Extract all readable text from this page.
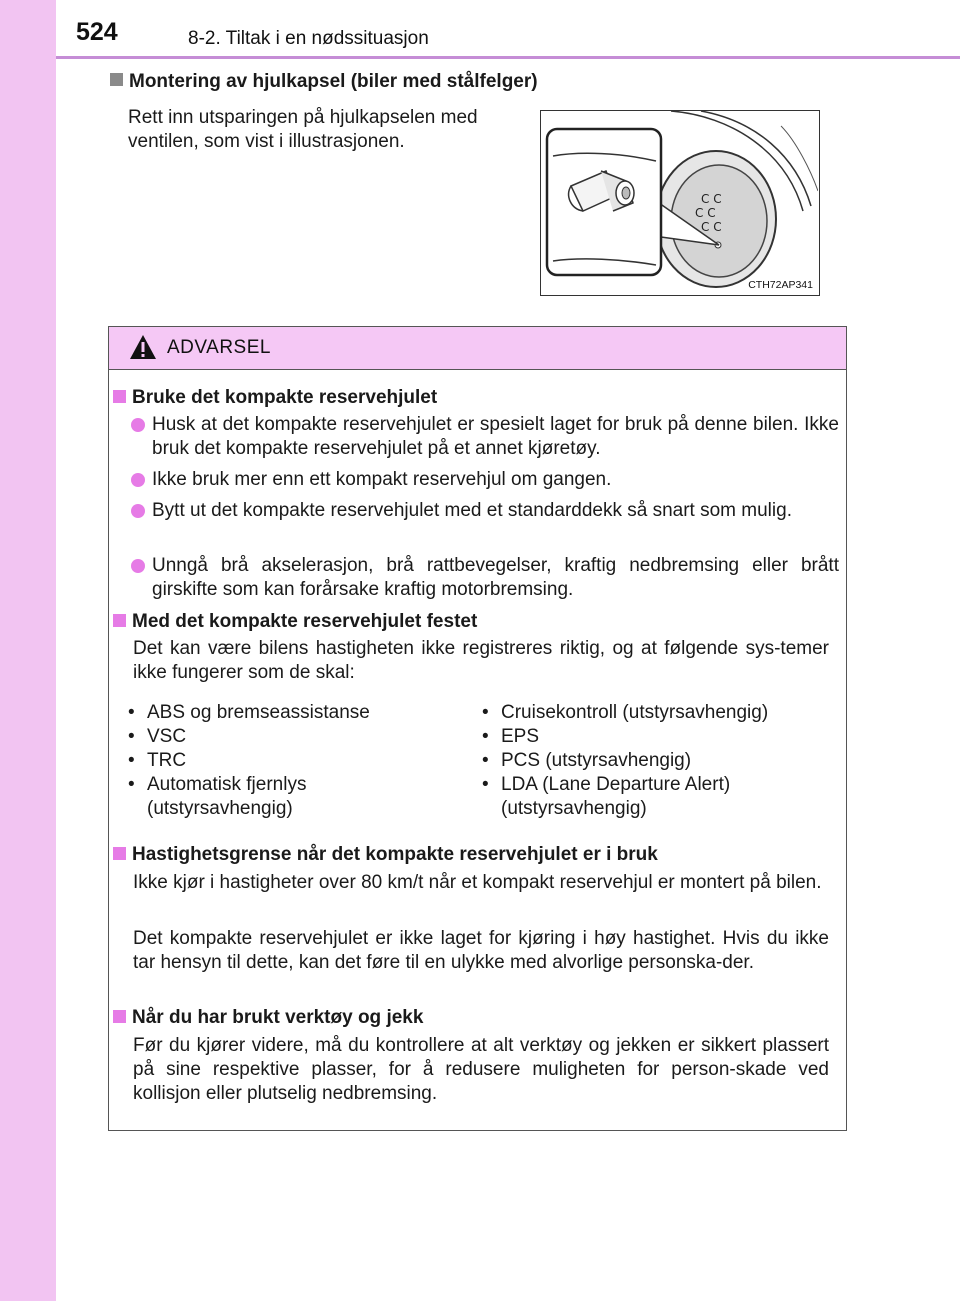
524	8-2. Tiltak i en nødssituasjon
Montering av hjulkapsel (biler med stålfelger)
Rett inn utsparingen på hjulkapselen med ventilen, som vist i illustrasjonen.
C C
C C
C C
CTH72AP341
ADVARSEL
Bruke det kompakte reservehjulet
Husk at det kompakte reservehjulet er spesielt laget for bruk på denne bilen. Ikke bruk det kompakte reservehjulet på et annet kjøretøy.
Ikke bruk mer enn ett kompakt reservehjul om gangen.
Bytt ut det kompakte reservehjulet med et standarddekk så snart som mulig.
Unngå brå akselerasjon, brå rattbevegelser, kraftig nedbremsing eller brått girskifte som kan forårsake kraftig motorbremsing.
Med det kompakte reservehjulet festet
Det kan være bilens hastigheten ikke registreres riktig, og at følgende sys-temer ikke fungerer som de skal:
• ABS og bremseassistanse
• VSC
• TRC
• Automatisk fjernlys (utstyrsavhengig)
• Cruisekontroll (utstyrsavhengig)
• EPS
• PCS (utstyrsavhengig)
• LDA (Lane Departure Alert) (utstyrsavhengig)
Hastighetsgrense når det kompakte reservehjulet er i bruk
Ikke kjør i hastigheter over 80 km/t når et kompakt reservehjul er montert på bilen.
Det kompakte reservehjulet er ikke laget for kjøring i høy hastighet. Hvis du ikke tar hensyn til dette, kan det føre til en ulykke med alvorlige personska-der.
Når du har brukt verktøy og jekk
Før du kjører videre, må du kontrollere at alt verktøy og jekken er sikkert plassert på sine respektive plasser, for å redusere muligheten for person-skade ved kollisjon eller plutselig nedbremsing.
